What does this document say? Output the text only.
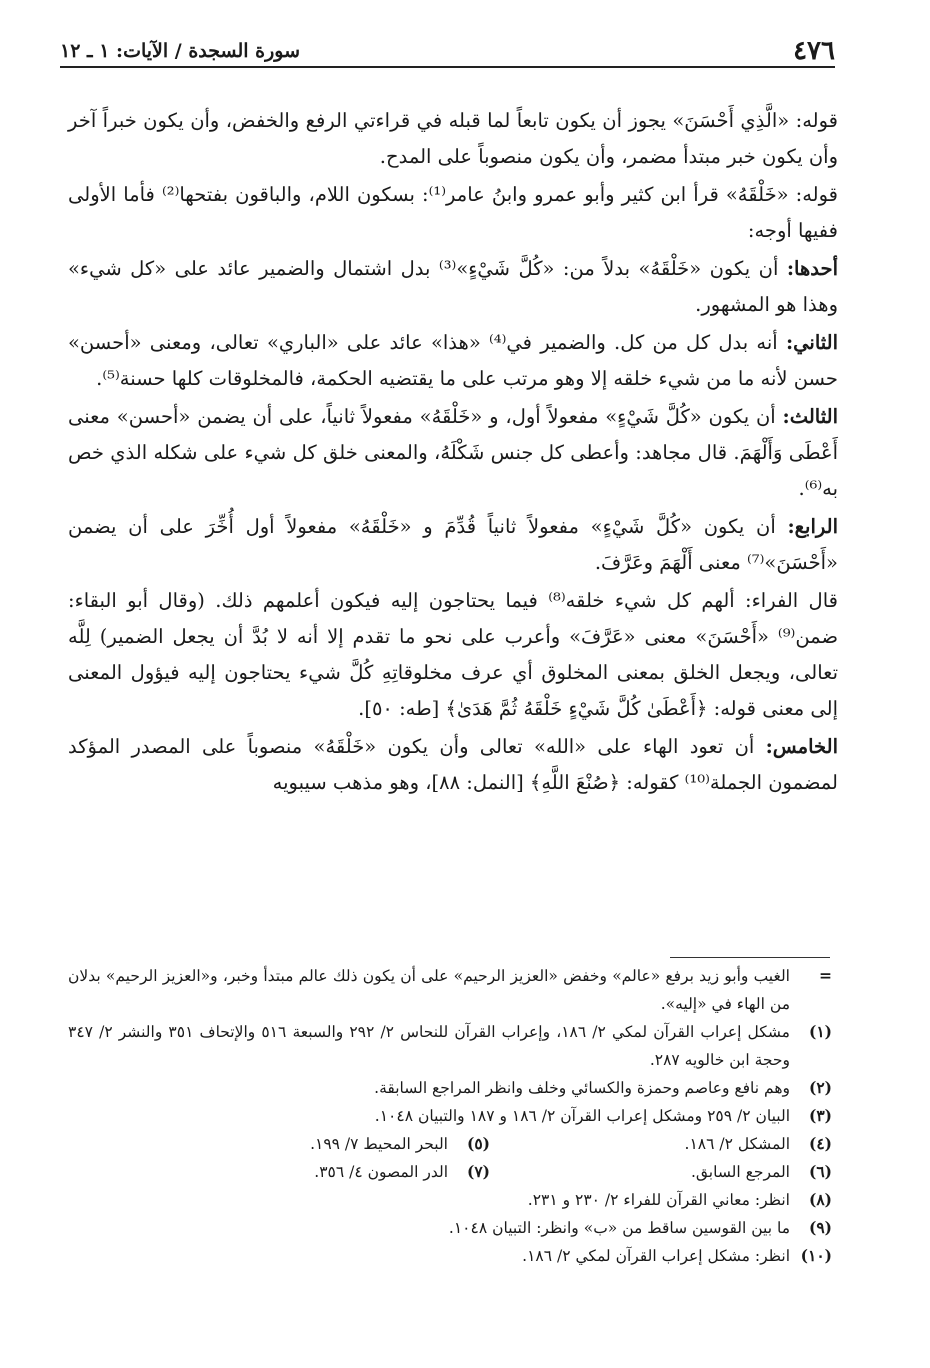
٤٧٦
سورة السجدة / الآيات: ١ ـ ١٢

قوله: «الَّذِي أَحْسَنَ» يجوز أن يكون تابعاً لما قبله في قراءتي الرفع والخفض، وأن يكون خبراً آخر وأن يكون خبر مبتدأ مضمر، وأن يكون منصوباً على المدح.

قوله: «خَلْقَهُ» قرأ ابن كثير وأبو عمرو وابنُ عامر⁽¹⁾: بسكون اللام، والباقون بفتحها⁽²⁾ فأما الأولى ففيها أوجه:

أحدها: أن يكون «خَلْقَهُ» بدلاً من: «كُلَّ شَيْءٍ»⁽³⁾ بدل اشتمال والضمير عائد على «كل شيء» وهذا هو المشهور.

الثاني: أنه بدل كل من كل. والضمير في⁽⁴⁾ «هذا» عائد على «الباري» تعالى، ومعنى «أحسن» حسن لأنه ما من شيء خلقه إلا وهو مرتب على ما يقتضيه الحكمة، فالمخلوقات كلها حسنة⁽⁵⁾.

الثالث: أن يكون «كُلَّ شَيْءٍ» مفعولاً أول، و «خَلْقَهُ» مفعولاً ثانياً، على أن يضمن «أحسن» معنى أَعْطَى وَأَلْهَمَ. قال مجاهد: وأعطى كل جنس شَكْلَهُ، والمعنى خلق كل شيء على شكله الذي خص به⁽⁶⁾.

الرابع: أن يكون «كُلَّ شَيْءٍ» مفعولاً ثانياً قُدِّمَ و «خَلْقَهُ» مفعولاً أول أُخِّرَ على أن يضمن «أَحْسَنَ»⁽⁷⁾ معنى أَلْهَمَ وعَرَّفَ.

قال الفراء: ألهم كل شيء خلقه⁽⁸⁾ فيما يحتاجون إليه فيكون أعلمهم ذلك. (وقال أبو البقاء: ضمن⁽⁹⁾ «أَحْسَنَ» معنى «عَرَّفَ» وأعرب على نحو ما تقدم إلا أنه لا بُدَّ أن يجعل الضمير) لِلَّه تعالى، ويجعل الخلق بمعنى المخلوق أي عرف مخلوقاتِهِ كُلَّ شيء يحتاجون إليه فيؤول المعنى إلى معنى قوله: ﴿أَعْطَىٰ كُلَّ شَيْءٍ خَلْقَهُ ثُمَّ هَدَىٰ﴾ [طه: ٥٠].

الخامس: أن تعود الهاء على «الله» تعالى وأن يكون «خَلْقَهُ» منصوباً على المصدر المؤكد لمضمون الجملة⁽¹⁰⁾ كقوله: ﴿صُنْعَ اللَّهِ﴾ [النمل: ٨٨]، وهو مذهب سيبويه

=
الغيب وأبو زيد برفع «عالم» وخفض «العزيز الرحيم» على أن يكون ذلك عالم مبتدأ وخبر، و«العزيز الرحيم» بدلان من الهاء في «إليه».

(١)
مشكل إعراب القرآن لمكي ٢/ ١٨٦، وإعراب القرآن للنحاس ٢/ ٢٩٢ والسبعة ٥١٦ والإتحاف ٣٥١ والنشر ٢/ ٣٤٧ وحجة ابن خالويه ٢٨٧.

(٢)
وهم نافع وعاصم وحمزة والكسائي وخلف وانظر المراجع السابقة.

(٣)
البيان ٢/ ٢٥٩ ومشكل إعراب القرآن ٢/ ١٨٦ و ١٨٧ والتبيان ١٠٤٨.

(٤)
المشكل ٢/ ١٨٦.
(٥)
البحر المحيط ٧/ ١٩٩.

(٦)
المرجع السابق.
(٧)
الدر المصون ٤/ ٣٥٦.

(٨)
انظر: معاني القرآن للفراء ٢/ ٢٣٠ و ٢٣١.

(٩)
ما بين القوسين ساقط من «ب» وانظر: التبيان ١٠٤٨.

(١٠)
انظر: مشكل إعراب القرآن لمكي ٢/ ١٨٦.
